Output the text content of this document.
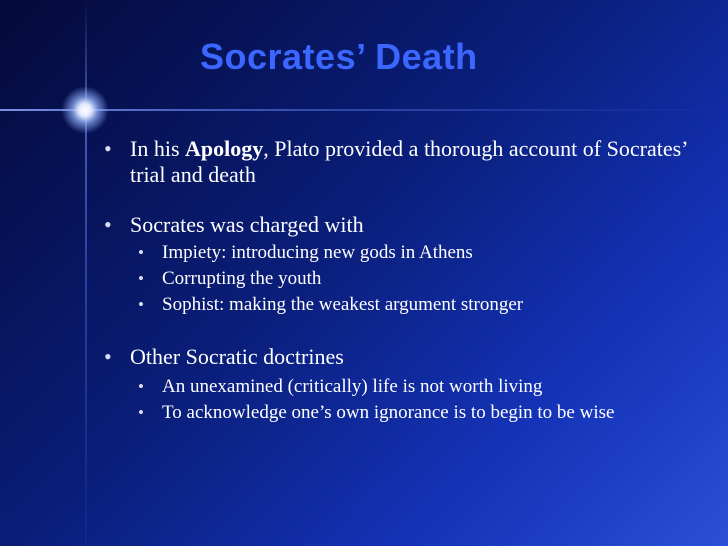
Socrates’ Death
• In his Apology, Plato provided a thorough account of Socrates’ trial and death
• Socrates was charged with
• Impiety: introducing new gods in Athens
• Corrupting the youth
• Sophist: making the weakest argument stronger
• Other Socratic doctrines
• An unexamined (critically) life is not worth living
• To acknowledge one’s own ignorance is to begin to be wise
